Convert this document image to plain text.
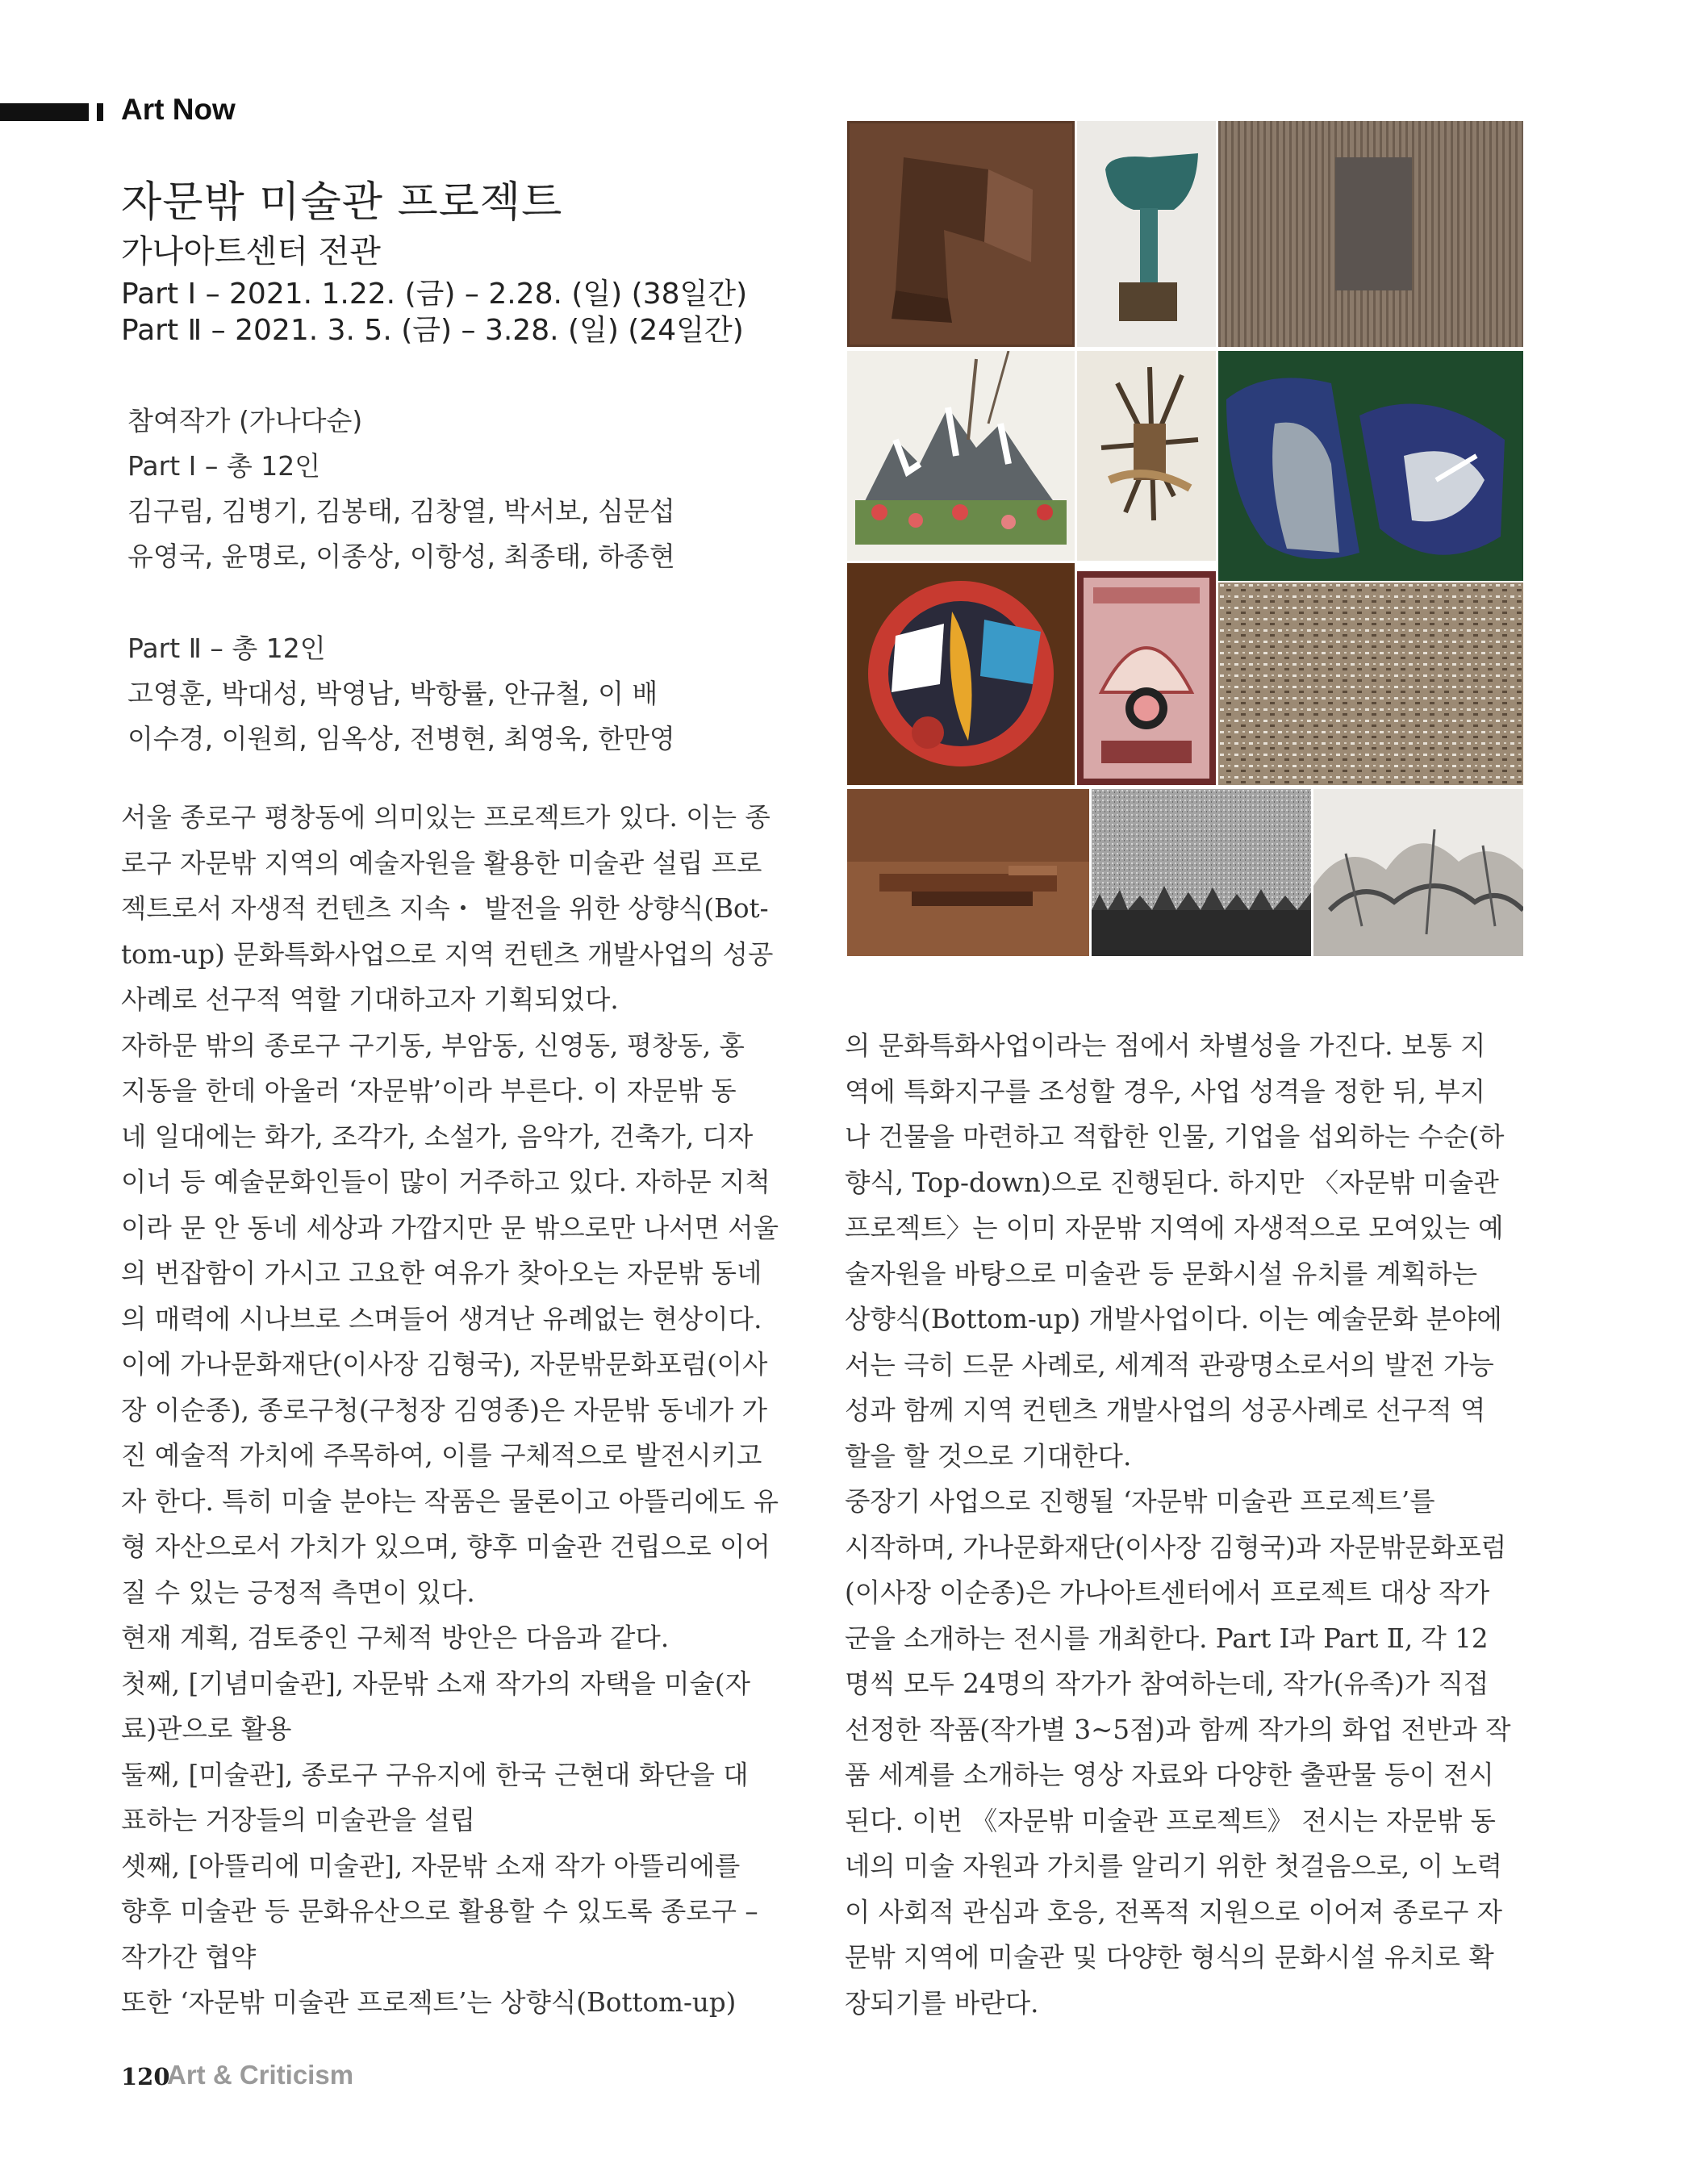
Art Now
자문밖 미술관 프로젝트
가나아트센터 전관
Part Ⅰ – 2021. 1.22. (금) – 2.28. (일) (38일간)
Part Ⅱ – 2021. 3. 5. (금) – 3.28. (일) (24일간)
참여작가 (가나다순)
Part Ⅰ – 총 12인
김구림, 김병기, 김봉태, 김창열, 박서보, 심문섭
유영국, 윤명로, 이종상, 이항성, 최종태, 하종현
Part Ⅱ – 총 12인
고영훈, 박대성, 박영남, 박항률, 안규철, 이 배
이수경, 이원희, 임옥상, 전병현, 최영욱, 한만영

서울 종로구 평창동에 의미있는 프로젝트가 있다. 이는 종

로구 자문밖 지역의 예술자원을 활용한 미술관 설립 프로

젝트로서 자생적 컨텐츠 지속・ 발전을 위한 상향식(Bot-

tom-up) 문화특화사업으로 지역 컨텐츠 개발사업의 성공

사례로 선구적 역할 기대하고자 기획되었다.

자하문 밖의 종로구 구기동, 부암동, 신영동, 평창동, 홍

지동을 한데 아울러 ‘자문밖’이라 부른다. 이 자문밖 동

네 일대에는 화가, 조각가, 소설가, 음악가, 건축가, 디자

이너 등 예술문화인들이 많이 거주하고 있다. 자하문 지척

이라 문 안 동네 세상과 가깝지만 문 밖으로만 나서면 서울

의 번잡함이 가시고 고요한 여유가 찾아오는 자문밖 동네

의 매력에 시나브로 스며들어 생겨난 유례없는 현상이다.

이에 가나문화재단(이사장 김형국), 자문밖문화포럼(이사

장 이순종), 종로구청(구청장 김영종)은 자문밖 동네가 가

진 예술적 가치에 주목하여, 이를 구체적으로 발전시키고

자 한다. 특히 미술 분야는 작품은 물론이고 아뜰리에도 유

형 자산으로서 가치가 있으며, 향후 미술관 건립으로 이어

질 수 있는 긍정적 측면이 있다.

현재 계획, 검토중인 구체적 방안은 다음과 같다.

첫째, [기념미술관], 자문밖 소재 작가의 자택을 미술(자

료)관으로 활용

둘째, [미술관], 종로구 구유지에 한국 근현대 화단을 대

표하는 거장들의 미술관을 설립

셋째, [아뜰리에 미술관], 자문밖 소재 작가 아뜰리에를

향후 미술관 등 문화유산으로 활용할 수 있도록 종로구 –

작가간 협약

또한 ‘자문밖 미술관 프로젝트’는 상향식(Bottom-up)

의 문화특화사업이라는 점에서 차별성을 가진다. 보통 지

역에 특화지구를 조성할 경우, 사업 성격을 정한 뒤, 부지

나 건물을 마련하고 적합한 인물, 기업을 섭외하는 수순(하

향식, Top-down)으로 진행된다. 하지만 〈자문밖 미술관

프로젝트〉는 이미 자문밖 지역에 자생적으로 모여있는 예

술자원을 바탕으로 미술관 등 문화시설 유치를 계획하는

상향식(Bottom-up) 개발사업이다. 이는 예술문화 분야에

서는 극히 드문 사례로, 세계적 관광명소로서의 발전 가능

성과 함께 지역 컨텐츠 개발사업의 성공사례로 선구적 역

할을 할 것으로 기대한다.

중장기 사업으로 진행될 ‘자문밖 미술관 프로젝트’를

시작하며, 가나문화재단(이사장 김형국)과 자문밖문화포럼

(이사장 이순종)은 가나아트센터에서 프로젝트 대상 작가

군을 소개하는 전시를 개최한다. Part Ⅰ과 Part Ⅱ, 각 12

명씩 모두 24명의 작가가 참여하는데, 작가(유족)가 직접

선정한 작품(작가별 3~5점)과 함께 작가의 화업 전반과 작

품 세계를 소개하는 영상 자료와 다양한 출판물 등이 전시

된다. 이번 《자문밖 미술관 프로젝트》 전시는 자문밖 동

네의 미술 자원과 가치를 알리기 위한 첫걸음으로, 이 노력

이 사회적 관심과 호응, 전폭적 지원으로 이어져 종로구 자

문밖 지역에 미술관 및 다양한 형식의 문화시설 유치로 확

장되기를 바란다.

120
Art & Criticism
